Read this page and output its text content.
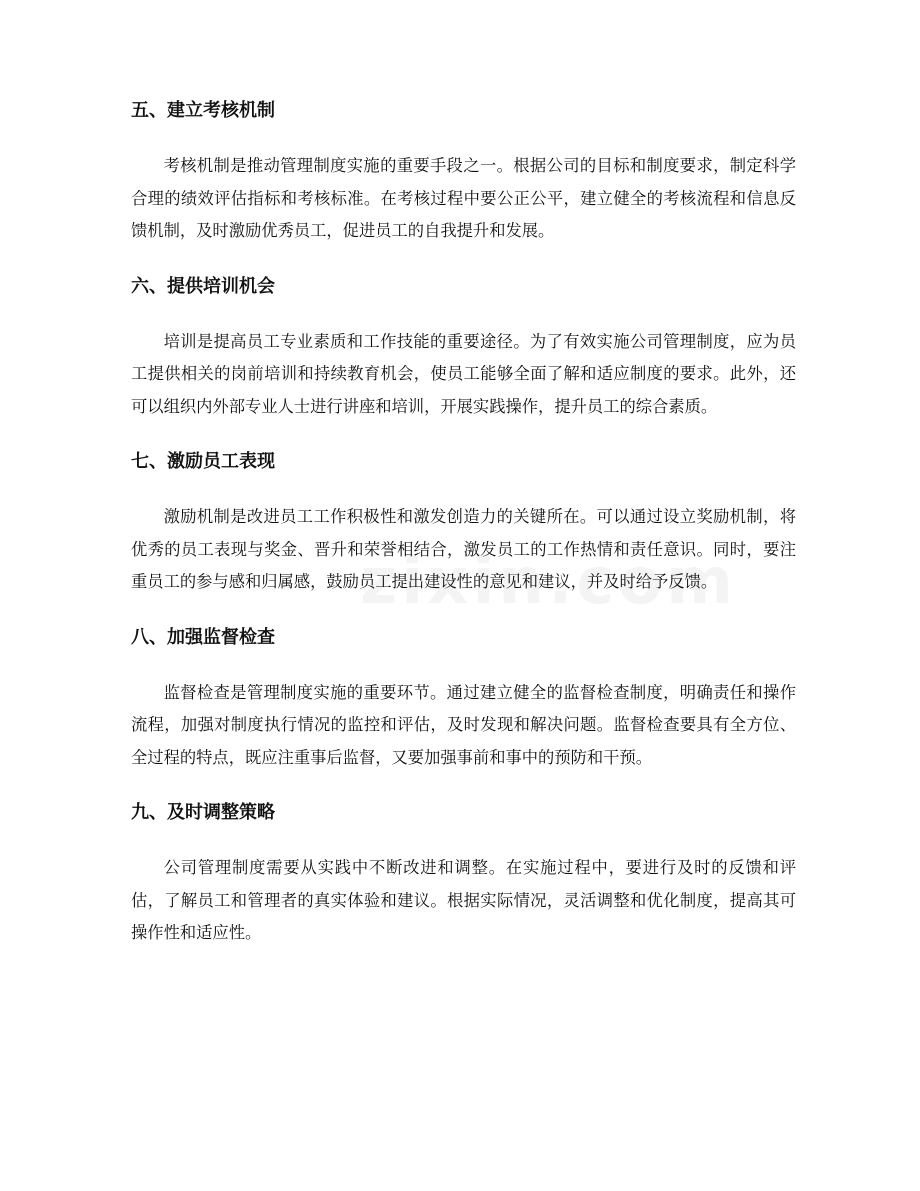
五、建立考核机制

考核机制是推动管理制度实施的重要手段之一。根据公司的目标和制度要求，制定科学合理的绩效评估指标和考核标准。在考核过程中要公正公平，建立健全的考核流程和信息反馈机制，及时激励优秀员工，促进员工的自我提升和发展。

六、提供培训机会

培训是提高员工专业素质和工作技能的重要途径。为了有效实施公司管理制度，应为员工提供相关的岗前培训和持续教育机会，使员工能够全面了解和适应制度的要求。此外，还可以组织内外部专业人士进行讲座和培训，开展实践操作，提升员工的综合素质。

七、激励员工表现

激励机制是改进员工工作积极性和激发创造力的关键所在。可以通过设立奖励机制，将优秀的员工表现与奖金、晋升和荣誉相结合，激发员工的工作热情和责任意识。同时，要注重员工的参与感和归属感，鼓励员工提出建设性的意见和建议，并及时给予反馈。

八、加强监督检查

监督检查是管理制度实施的重要环节。通过建立健全的监督检查制度，明确责任和操作流程，加强对制度执行情况的监控和评估，及时发现和解决问题。监督检查要具有全方位、全过程的特点，既应注重事后监督，又要加强事前和事中的预防和干预。

九、及时调整策略

公司管理制度需要从实践中不断改进和调整。在实施过程中，要进行及时的反馈和评估，了解员工和管理者的真实体验和建议。根据实际情况，灵活调整和优化制度，提高其可操作性和适应性。
